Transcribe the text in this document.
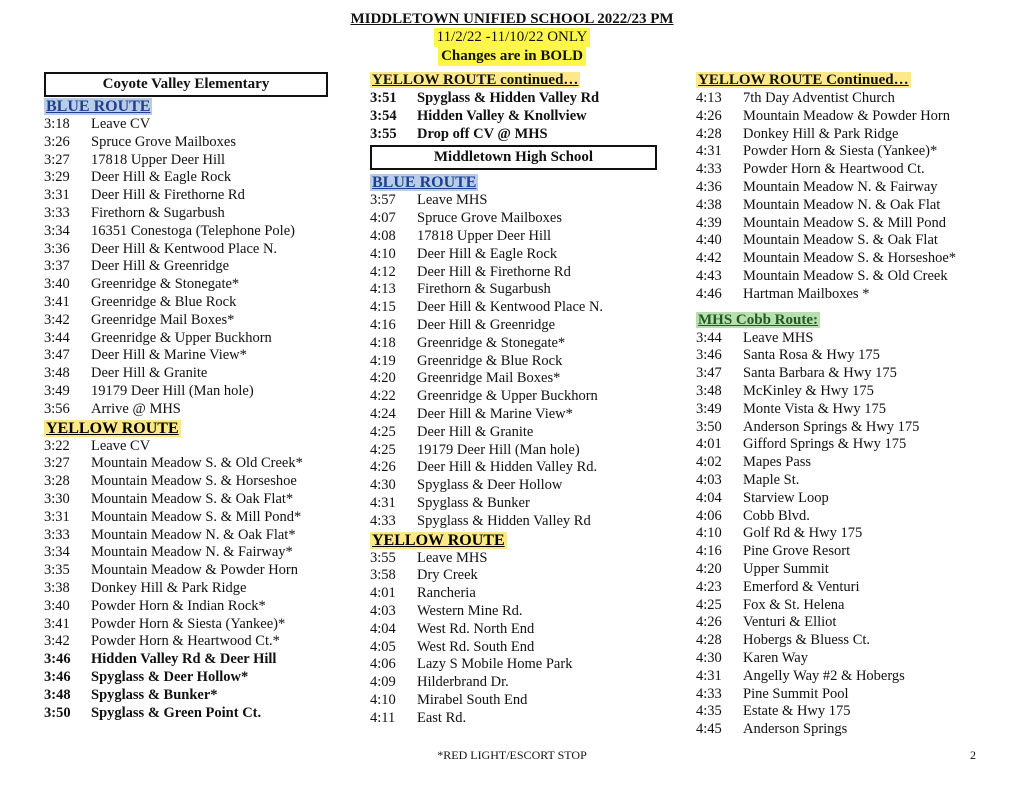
MIDDLETOWN UNIFIED SCHOOL 2022/23 PM
11/2/22 -11/10/22 ONLY
Changes are in BOLD
Coyote Valley Elementary
BLUE ROUTE
3:18 Leave CV
3:26 Spruce Grove Mailboxes
3:27 17818 Upper Deer Hill
3:29 Deer Hill & Eagle Rock
3:31 Deer Hill & Firethorne Rd
3:33 Firethorn & Sugarbush
3:34 16351 Conestoga (Telephone Pole)
3:36 Deer Hill & Kentwood Place N.
3:37 Deer Hill & Greenridge
3:40 Greenridge & Stonegate*
3:41 Greenridge & Blue Rock
3:42 Greenridge Mail Boxes*
3:44 Greenridge & Upper Buckhorn
3:47 Deer Hill & Marine View*
3:48 Deer Hill & Granite
3:49 19179 Deer Hill (Man hole)
3:56 Arrive @ MHS
YELLOW ROUTE
3:22 Leave CV
3:27 Mountain Meadow S. & Old Creek*
3:28 Mountain Meadow S. & Horseshoe
3:30 Mountain Meadow S. & Oak Flat*
3:31 Mountain Meadow S. & Mill Pond*
3:33 Mountain Meadow N. & Oak Flat*
3:34 Mountain Meadow N. & Fairway*
3:35 Mountain Meadow & Powder Horn
3:38 Donkey Hill & Park Ridge
3:40 Powder Horn & Indian Rock*
3:41 Powder Horn & Siesta (Yankee)*
3:42 Powder Horn & Heartwood Ct.*
3:46 Hidden Valley Rd & Deer Hill
3:46 Spyglass & Deer Hollow*
3:48 Spyglass & Bunker*
3:50 Spyglass & Green Point Ct.
YELLOW ROUTE continued…
3:51 Spyglass & Hidden Valley Rd
3:54 Hidden Valley & Knollview
3:55 Drop off CV @ MHS
Middletown High School
BLUE ROUTE
3:57 Leave MHS
4:07 Spruce Grove Mailboxes
4:08 17818 Upper Deer Hill
4:10 Deer Hill & Eagle Rock
4:12 Deer Hill & Firethorne Rd
4:13 Firethorn & Sugarbush
4:15 Deer Hill & Kentwood Place N.
4:16 Deer Hill & Greenridge
4:18 Greenridge & Stonegate*
4:19 Greenridge & Blue Rock
4:20 Greenridge Mail Boxes*
4:22 Greenridge & Upper Buckhorn
4:24 Deer Hill & Marine View*
4:25 Deer Hill & Granite
4:25 19179 Deer Hill (Man hole)
4:26 Deer Hill & Hidden Valley Rd.
4:30 Spyglass & Deer Hollow
4:31 Spyglass & Bunker
4:33 Spyglass & Hidden Valley Rd
YELLOW ROUTE
3:55 Leave MHS
3:58 Dry Creek
4:01 Rancheria
4:03 Western Mine Rd.
4:04 West Rd. North End
4:05 West Rd. South End
4:06 Lazy S Mobile Home Park
4:09 Hilderbrand Dr.
4:10 Mirabel South End
4:11 East Rd.
YELLOW ROUTE Continued…
4:13 7th Day Adventist Church
4:26 Mountain Meadow & Powder Horn
4:28 Donkey Hill & Park Ridge
4:31 Powder Horn & Siesta (Yankee)*
4:33 Powder Horn & Heartwood Ct.
4:36 Mountain Meadow N. & Fairway
4:38 Mountain Meadow N. & Oak Flat
4:39 Mountain Meadow S. & Mill Pond
4:40 Mountain Meadow S. & Oak Flat
4:42 Mountain Meadow S. & Horseshoe*
4:43 Mountain Meadow S. & Old Creek
4:46 Hartman Mailboxes *
MHS Cobb Route:
3:44 Leave MHS
3:46 Santa Rosa & Hwy 175
3:47 Santa Barbara & Hwy 175
3:48 McKinley & Hwy 175
3:49 Monte Vista & Hwy 175
3:50 Anderson Springs & Hwy 175
4:01 Gifford Springs & Hwy 175
4:02 Mapes Pass
4:03 Maple St.
4:04 Starview Loop
4:06 Cobb Blvd.
4:10 Golf Rd & Hwy 175
4:16 Pine Grove Resort
4:20 Upper Summit
4:23 Emerford & Venturi
4:25 Fox & St. Helena
4:26 Venturi & Elliot
4:28 Hobergs & Bluess Ct.
4:30 Karen Way
4:31 Angelly Way #2 & Hobergs
4:33 Pine Summit Pool
4:35 Estate & Hwy 175
4:45 Anderson Springs
*RED LIGHT/ESCORT STOP	2
